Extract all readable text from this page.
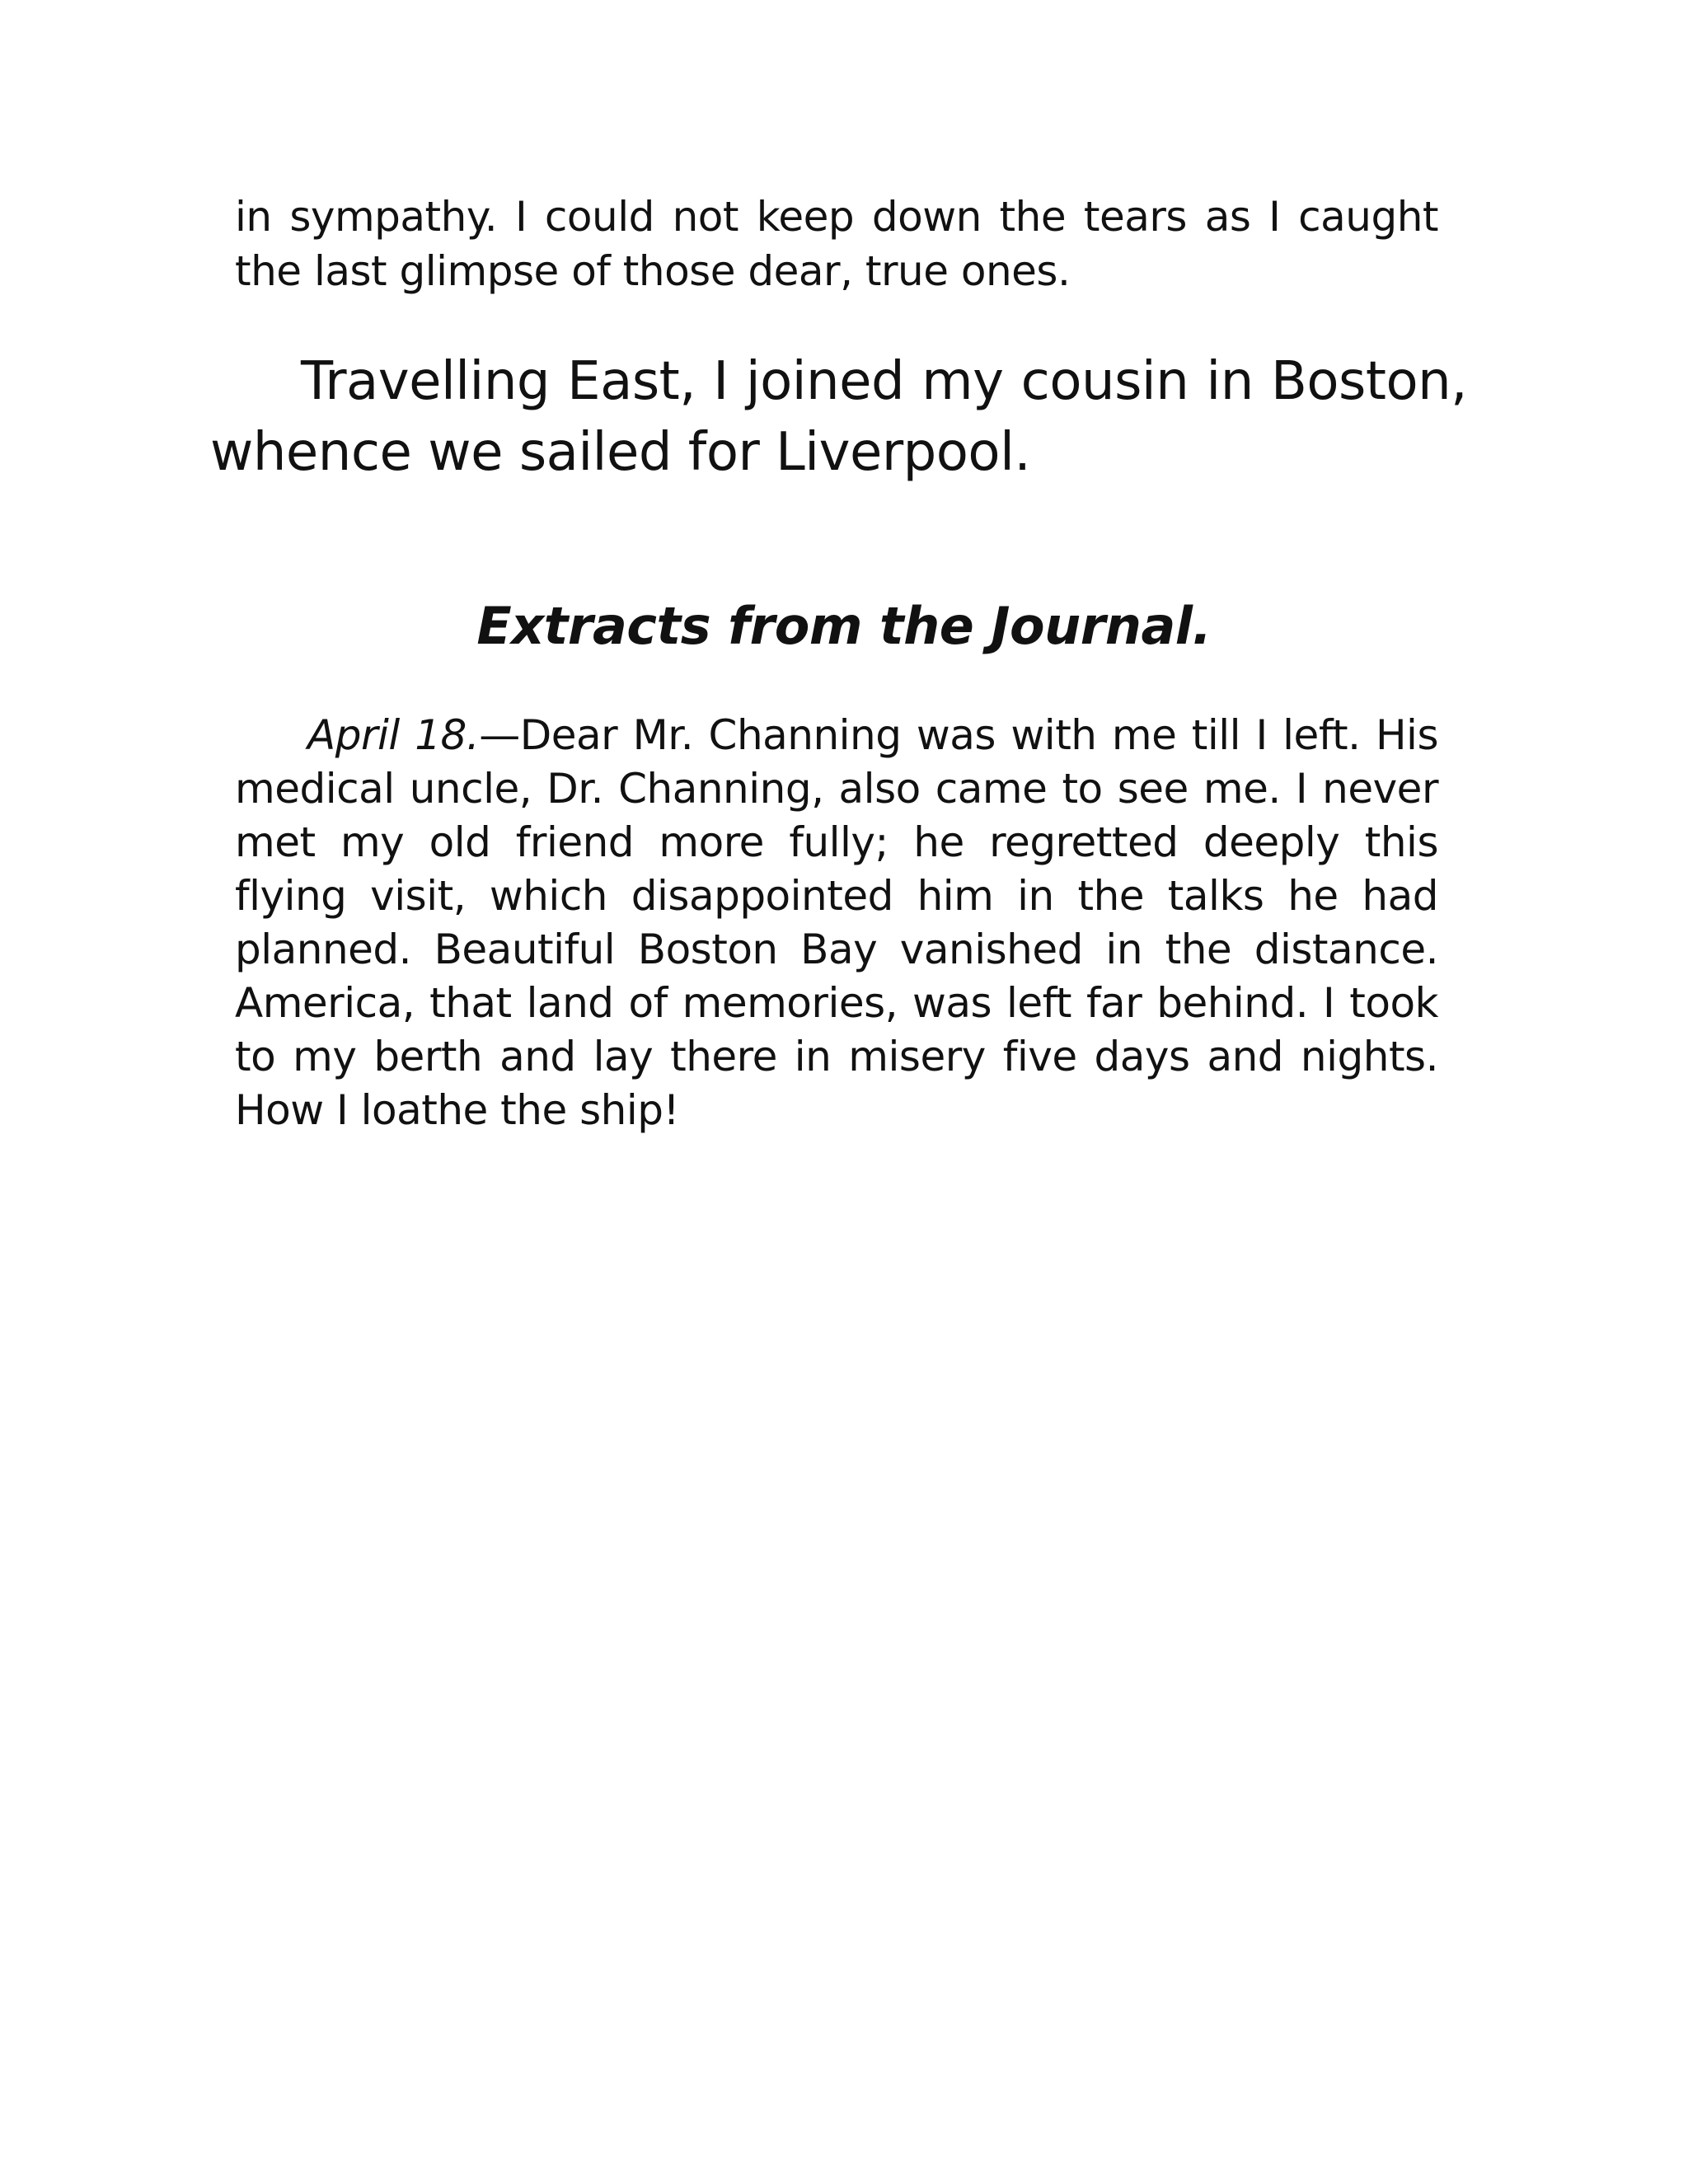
in sympathy. I could not keep down the tears as I caught the last glimpse of those dear, true ones.

Travelling East, I joined my cousin in Boston, whence we sailed for Liverpool.

Extracts from the Journal.

April 18.—Dear Mr. Channing was with me till I left. His medical uncle, Dr. Channing, also came to see me. I never met my old friend more fully; he regretted deeply this flying visit, which disappointed him in the talks he had planned. Beautiful Boston Bay vanished in the distance. America, that land of memories, was left far behind. I took to my berth and lay there in misery five days and nights. How I loathe the ship!
